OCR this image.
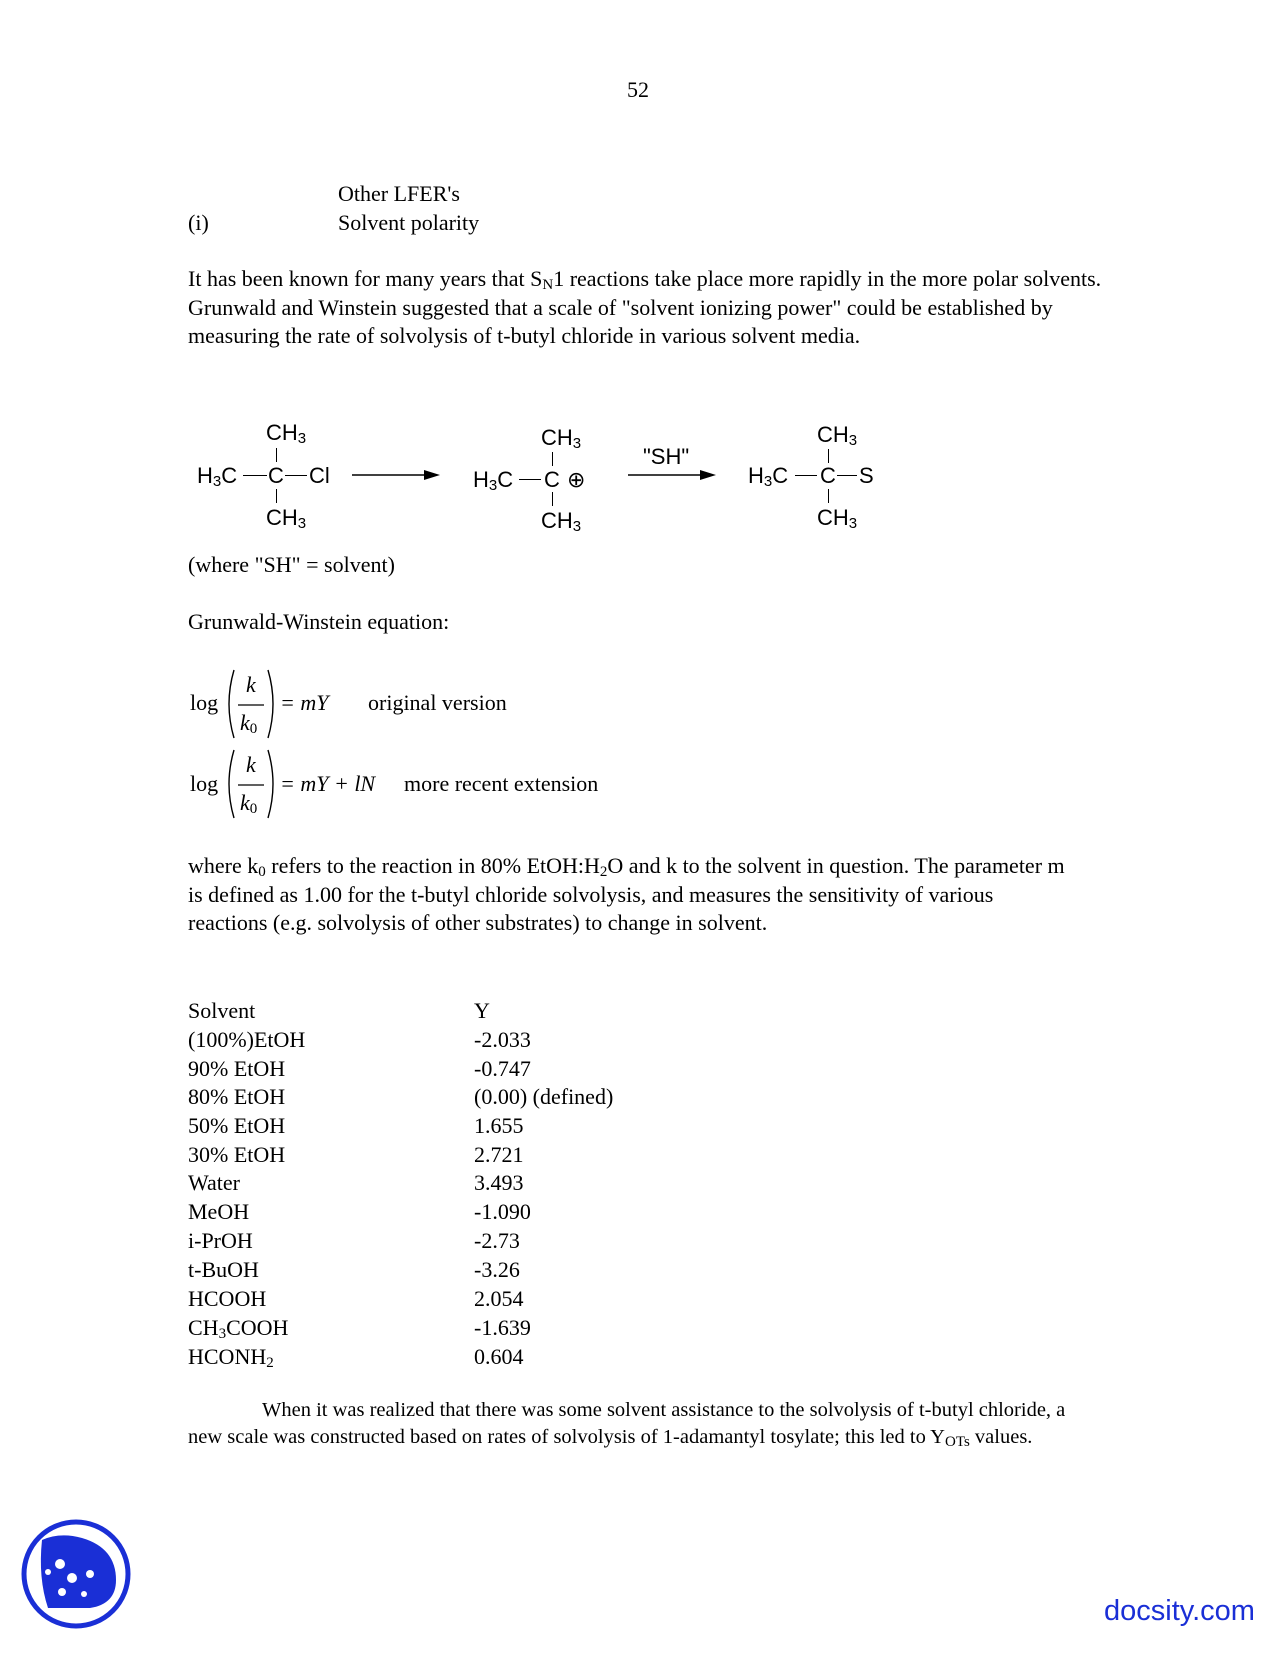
52
Other LFER's
(i)	Solvent polarity
It has been known for many years that $S_N1$ reactions take place more rapidly in the more polar solvents. Grunwald and Winstein suggested that a scale of "solvent ionizing power" could be established by measuring the rate of solvolysis of t-butyl chloride in various solvent media.
$CH_3$
$H_3C$ C Cl
$CH_3$
$CH_3$
$H_3C$ C ⊕
$CH_3$
"SH"
$CH_3$
$H_3C$ C S
$CH_3$
(where "SH" = solvent)
Grunwald-Winstein equation:
log
k
$k_0$
= mY original version
log
k
$k_0$
= mY + lN more recent extension
where $k_0$ refers to the reaction in 80% $EtOH:H_2O$ and k to the solvent in question. The parameter m is defined as 1.00 for the t-butyl chloride solvolysis, and measures the sensitivity of various reactions (e.g. solvolysis of other substrates) to change in solvent.
Solvent	Y
(100%)EtOH	-2.033
90% EtOH	-0.747
80% EtOH	(0.00) (defined)
50% EtOH	1.655
30% EtOH	2.721
Water	3.493
MeOH	-1.090
i-PrOH	-2.73
t-BuOH	-3.26
HCOOH	2.054
$CH_3COOH$	-1.639
$HCONH_2$	0.604
When it was realized that there was some solvent assistance to the solvolysis of t-butyl chloride, a new scale was constructed based on rates of solvolysis of 1-adamantyl tosylate; this led to $Y_{OTs}$ values.
docsity.com
